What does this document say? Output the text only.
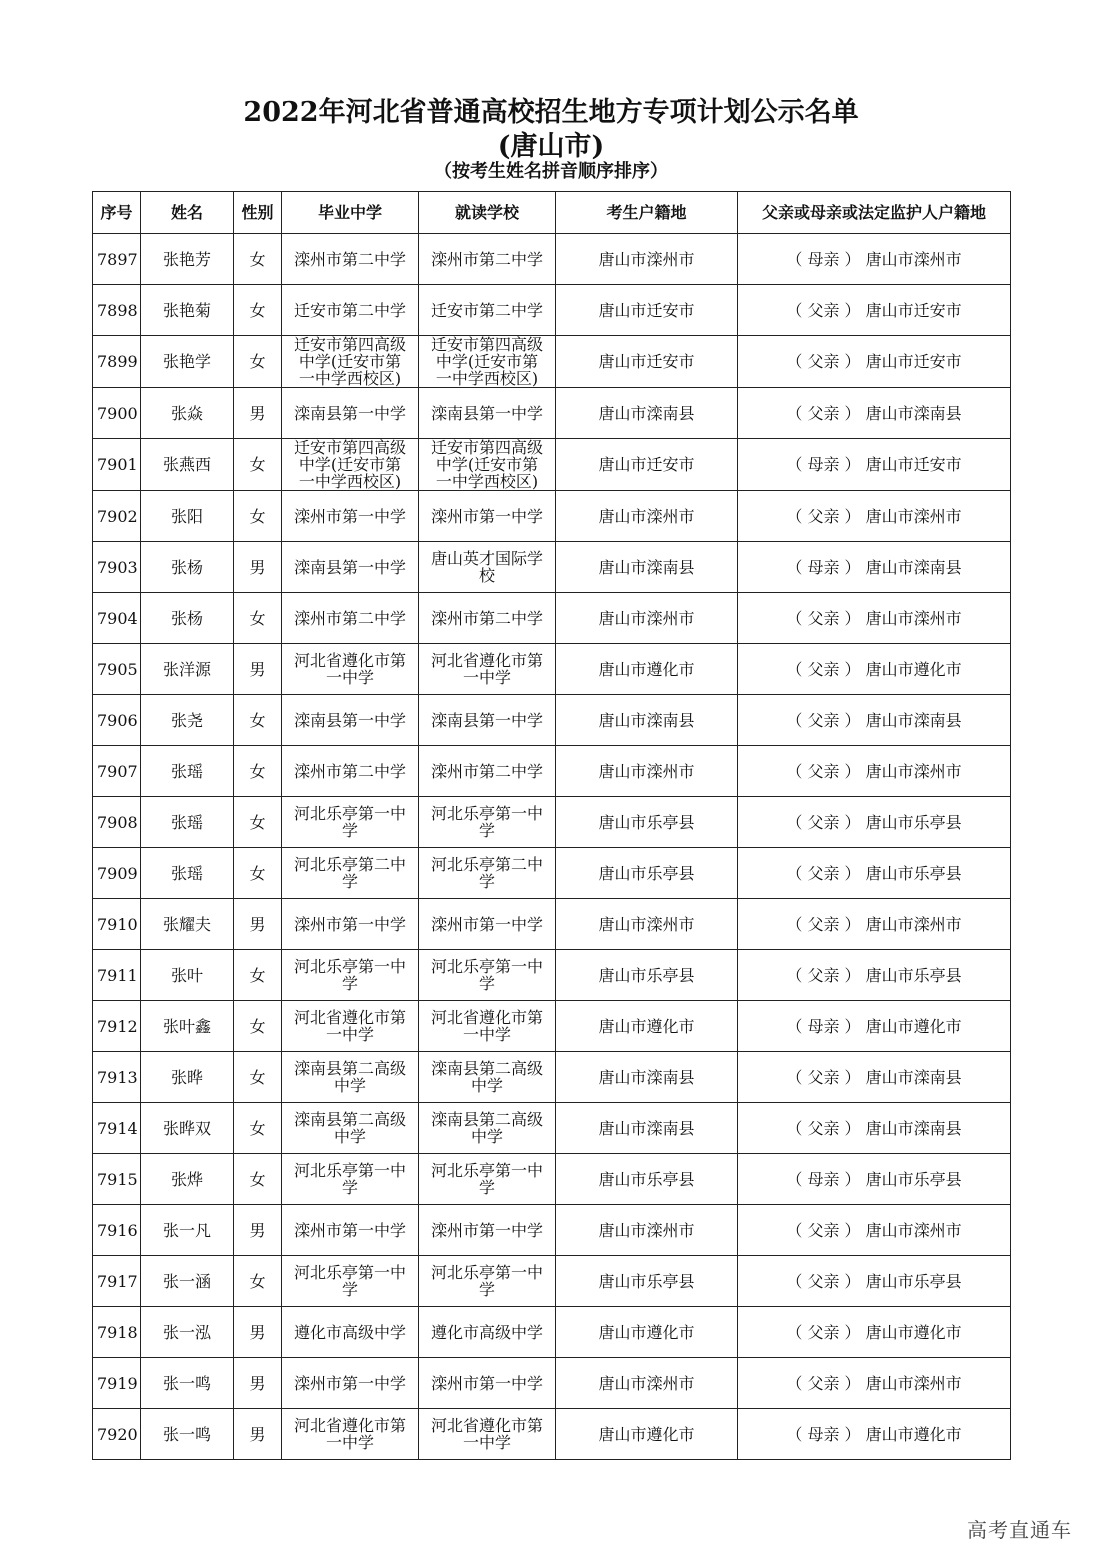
2022年河北省普通高校招生地方专项计划公示名单
(唐山市)
（按考生姓名拼音顺序排序）
序号	姓名	性别	毕业中学	就读学校	考生户籍地	父亲或母亲或法定监护人户籍地
7897	张艳芳	女	滦州市第二中学	滦州市第二中学	唐山市滦州市	（ 母亲 ） 唐山市滦州市
7898	张艳菊	女	迁安市第二中学	迁安市第二中学	唐山市迁安市	（ 父亲 ） 唐山市迁安市
7899	张艳学	女	迁安市第四高级中学(迁安市第一中学西校区)	迁安市第四高级中学(迁安市第一中学西校区)	唐山市迁安市	（ 父亲 ） 唐山市迁安市
7900	张焱	男	滦南县第一中学	滦南县第一中学	唐山市滦南县	（ 父亲 ） 唐山市滦南县
7901	张燕西	女	迁安市第四高级中学(迁安市第一中学西校区)	迁安市第四高级中学(迁安市第一中学西校区)	唐山市迁安市	（ 母亲 ） 唐山市迁安市
7902	张阳	女	滦州市第一中学	滦州市第一中学	唐山市滦州市	（ 父亲 ） 唐山市滦州市
7903	张杨	男	滦南县第一中学	唐山英才国际学校	唐山市滦南县	（ 母亲 ） 唐山市滦南县
7904	张杨	女	滦州市第二中学	滦州市第二中学	唐山市滦州市	（ 父亲 ） 唐山市滦州市
7905	张洋源	男	河北省遵化市第一中学	河北省遵化市第一中学	唐山市遵化市	（ 父亲 ） 唐山市遵化市
7906	张尧	女	滦南县第一中学	滦南县第一中学	唐山市滦南县	（ 父亲 ） 唐山市滦南县
7907	张瑶	女	滦州市第二中学	滦州市第二中学	唐山市滦州市	（ 父亲 ） 唐山市滦州市
7908	张瑶	女	河北乐亭第一中学	河北乐亭第一中学	唐山市乐亭县	（ 父亲 ） 唐山市乐亭县
7909	张瑶	女	河北乐亭第二中学	河北乐亭第二中学	唐山市乐亭县	（ 父亲 ） 唐山市乐亭县
7910	张耀夫	男	滦州市第一中学	滦州市第一中学	唐山市滦州市	（ 父亲 ） 唐山市滦州市
7911	张叶	女	河北乐亭第一中学	河北乐亭第一中学	唐山市乐亭县	（ 父亲 ） 唐山市乐亭县
7912	张叶鑫	女	河北省遵化市第一中学	河北省遵化市第一中学	唐山市遵化市	（ 母亲 ） 唐山市遵化市
7913	张晔	女	滦南县第二高级中学	滦南县第二高级中学	唐山市滦南县	（ 父亲 ） 唐山市滦南县
7914	张晔双	女	滦南县第二高级中学	滦南县第二高级中学	唐山市滦南县	（ 父亲 ） 唐山市滦南县
7915	张烨	女	河北乐亭第一中学	河北乐亭第一中学	唐山市乐亭县	（ 母亲 ） 唐山市乐亭县
7916	张一凡	男	滦州市第一中学	滦州市第一中学	唐山市滦州市	（ 父亲 ） 唐山市滦州市
7917	张一涵	女	河北乐亭第一中学	河北乐亭第一中学	唐山市乐亭县	（ 父亲 ） 唐山市乐亭县
7918	张一泓	男	遵化市高级中学	遵化市高级中学	唐山市遵化市	（ 父亲 ） 唐山市遵化市
7919	张一鸣	男	滦州市第一中学	滦州市第一中学	唐山市滦州市	（ 父亲 ） 唐山市滦州市
7920	张一鸣	男	河北省遵化市第一中学	河北省遵化市第一中学	唐山市遵化市	（ 母亲 ） 唐山市遵化市
高考直通车
